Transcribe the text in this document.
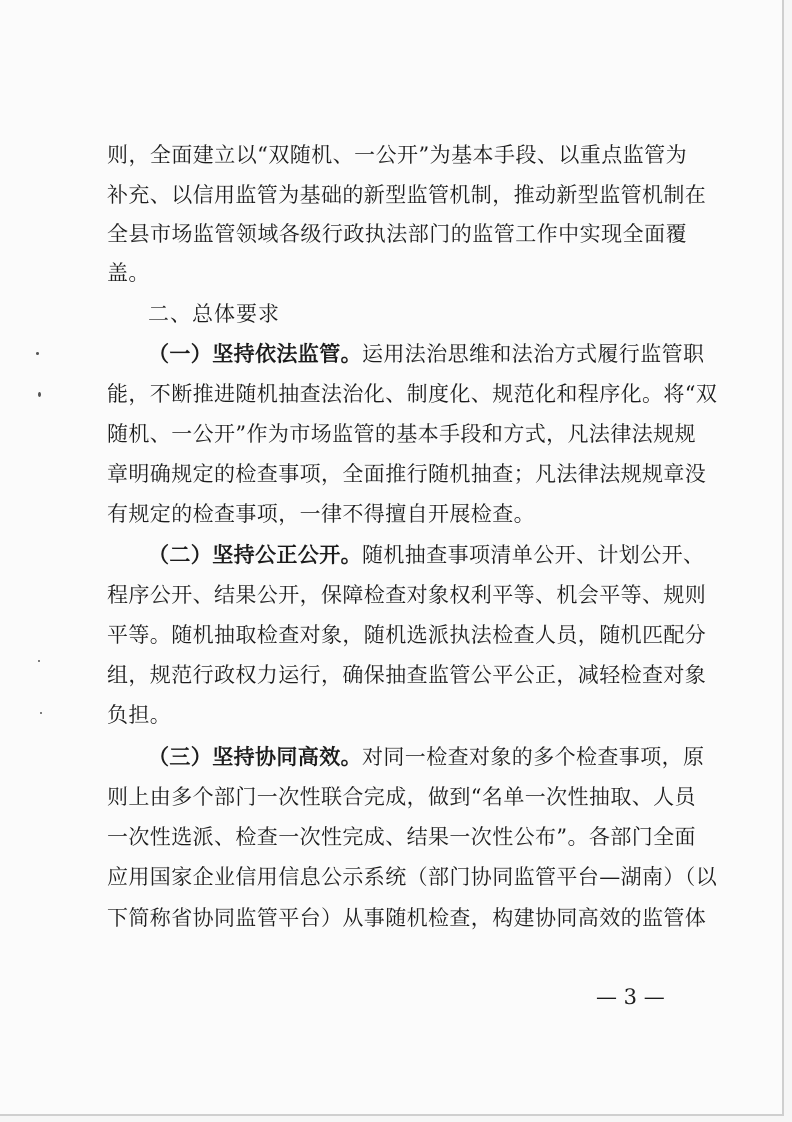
则，全面建立以“双随机、一公开”为基本手段、以重点监管为
补充、以信用监管为基础的新型监管机制，推动新型监管机制在
全县市场监管领域各级行政执法部门的监管工作中实现全面覆
盖。
二、总体要求
（一）坚持依法监管。运用法治思维和法治方式履行监管职
能，不断推进随机抽查法治化、制度化、规范化和程序化。将“双
随机、一公开”作为市场监管的基本手段和方式，凡法律法规规
章明确规定的检查事项，全面推行随机抽查；凡法律法规规章没
有规定的检查事项，一律不得擅自开展检查。
（二）坚持公正公开。随机抽查事项清单公开、计划公开、
程序公开、结果公开，保障检查对象权利平等、机会平等、规则
平等。随机抽取检查对象，随机选派执法检查人员，随机匹配分
组，规范行政权力运行，确保抽查监管公平公正，减轻检查对象
负担。
（三）坚持协同高效。对同一检查对象的多个检查事项，原
则上由多个部门一次性联合完成，做到“名单一次性抽取、人员
一次性选派、检查一次性完成、结果一次性公布”。各部门全面
应用国家企业信用信息公示系统（部门协同监管平台—湖南）（以
下简称省协同监管平台）从事随机检查，构建协同高效的监管体
— 3 —
